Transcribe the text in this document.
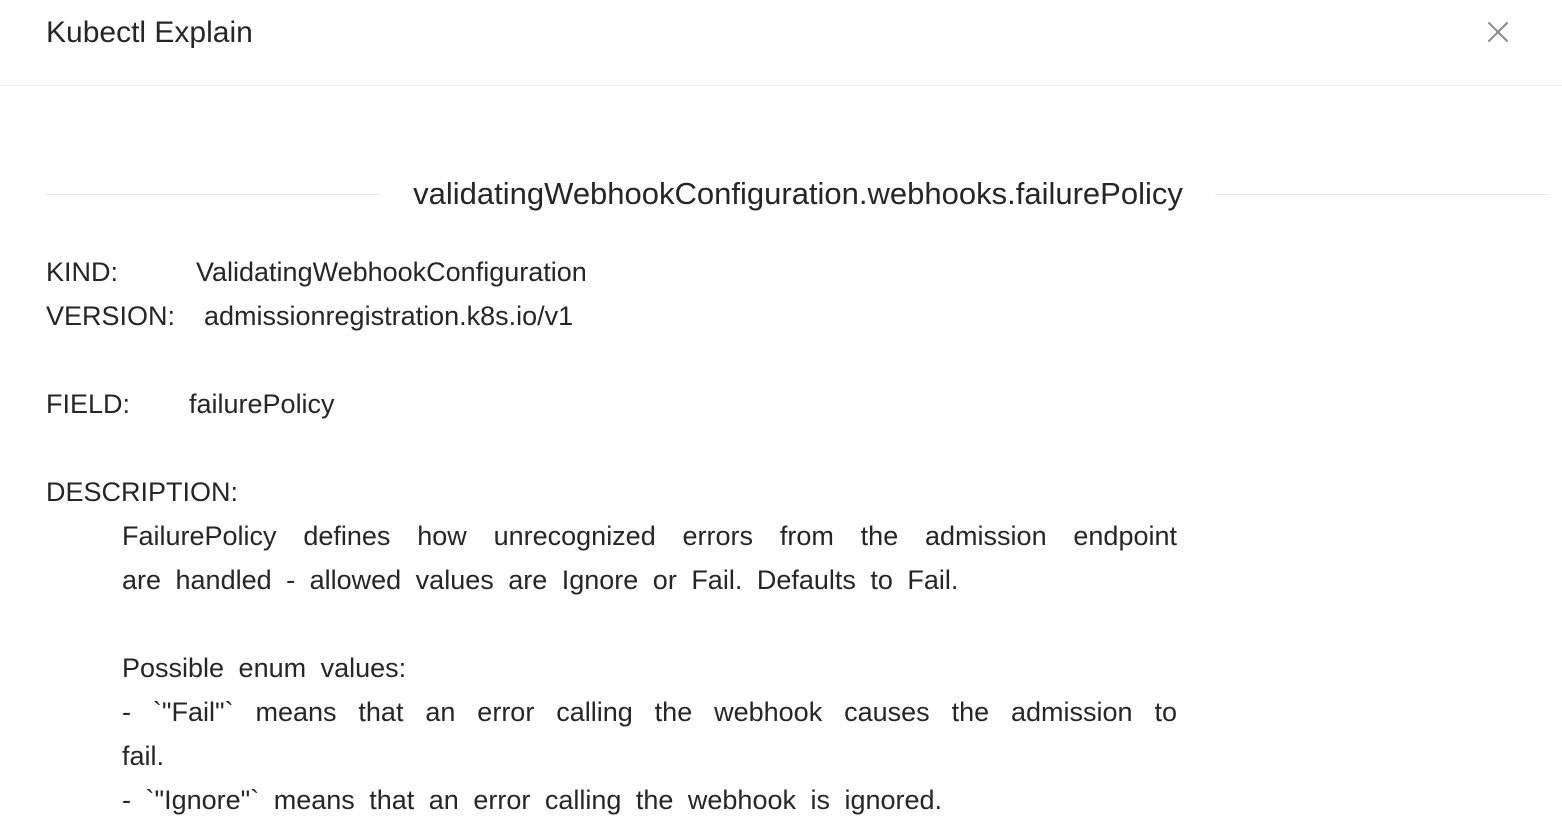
Kubectl Explain
validatingWebhookConfiguration.webhooks.failurePolicy
KIND:	ValidatingWebhookConfiguration
VERSION: admissionregistration.k8s.io/v1
FIELD: failurePolicy
DESCRIPTION:
FailurePolicy defines how unrecognized errors from the admission endpoint
are handled - allowed values are Ignore or Fail. Defaults to Fail.
Possible enum values:
- `"Fail"` means that an error calling the webhook causes the admission to
fail.
- `"Ignore"` means that an error calling the webhook is ignored.
